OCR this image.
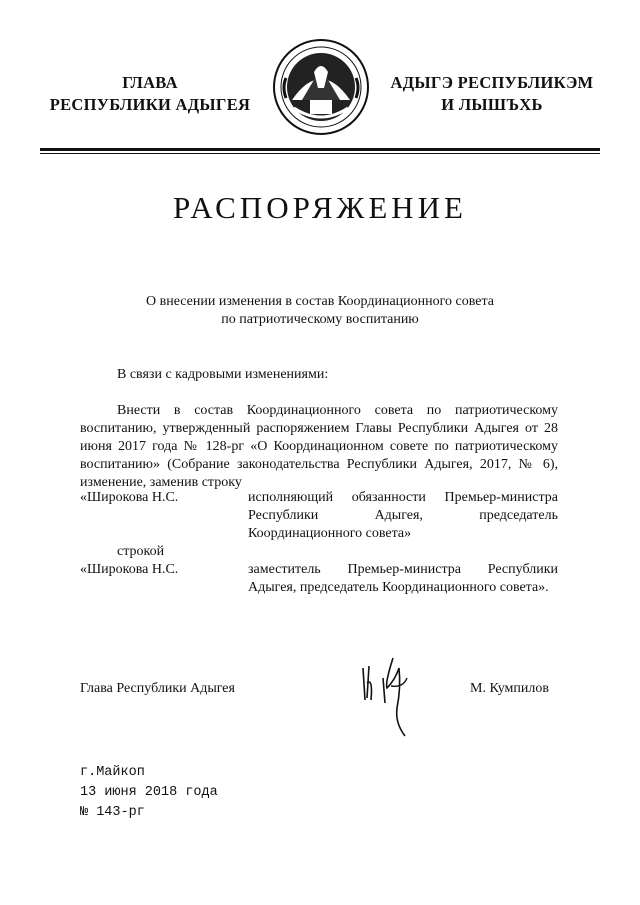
ГЛАВА
РЕСПУБЛИКИ АДЫГЕЯ
АДЫГЭ РЕСПУБЛИКЭМ
И ЛЫШЪХЬ
РАСПОРЯЖЕНИЕ
О внесении изменения в состав Координационного совета
по патриотическому воспитанию
В связи с кадровыми изменениями:
Внести в состав Координационного совета по патриотическому воспитанию, утвержденный распоряжением Главы Республики Адыгея от 28 июня 2017 года № 128-рг «О Координационном совете по патриотическому воспитанию» (Собрание законодательства Республики Адыгея, 2017, № 6), изменение, заменив строку
«Широкова Н.С.	исполняющий обязанности Премьер-министра Республики Адыгея, председатель Координационного совета»
строкой
«Широкова Н.С.	заместитель Премьер-министра Республики Адыгея, председатель Координационного совета».
Глава Республики Адыгея	М. Кумпилов
г.Майкоп
13 июня 2018 года
№ 143-рг
